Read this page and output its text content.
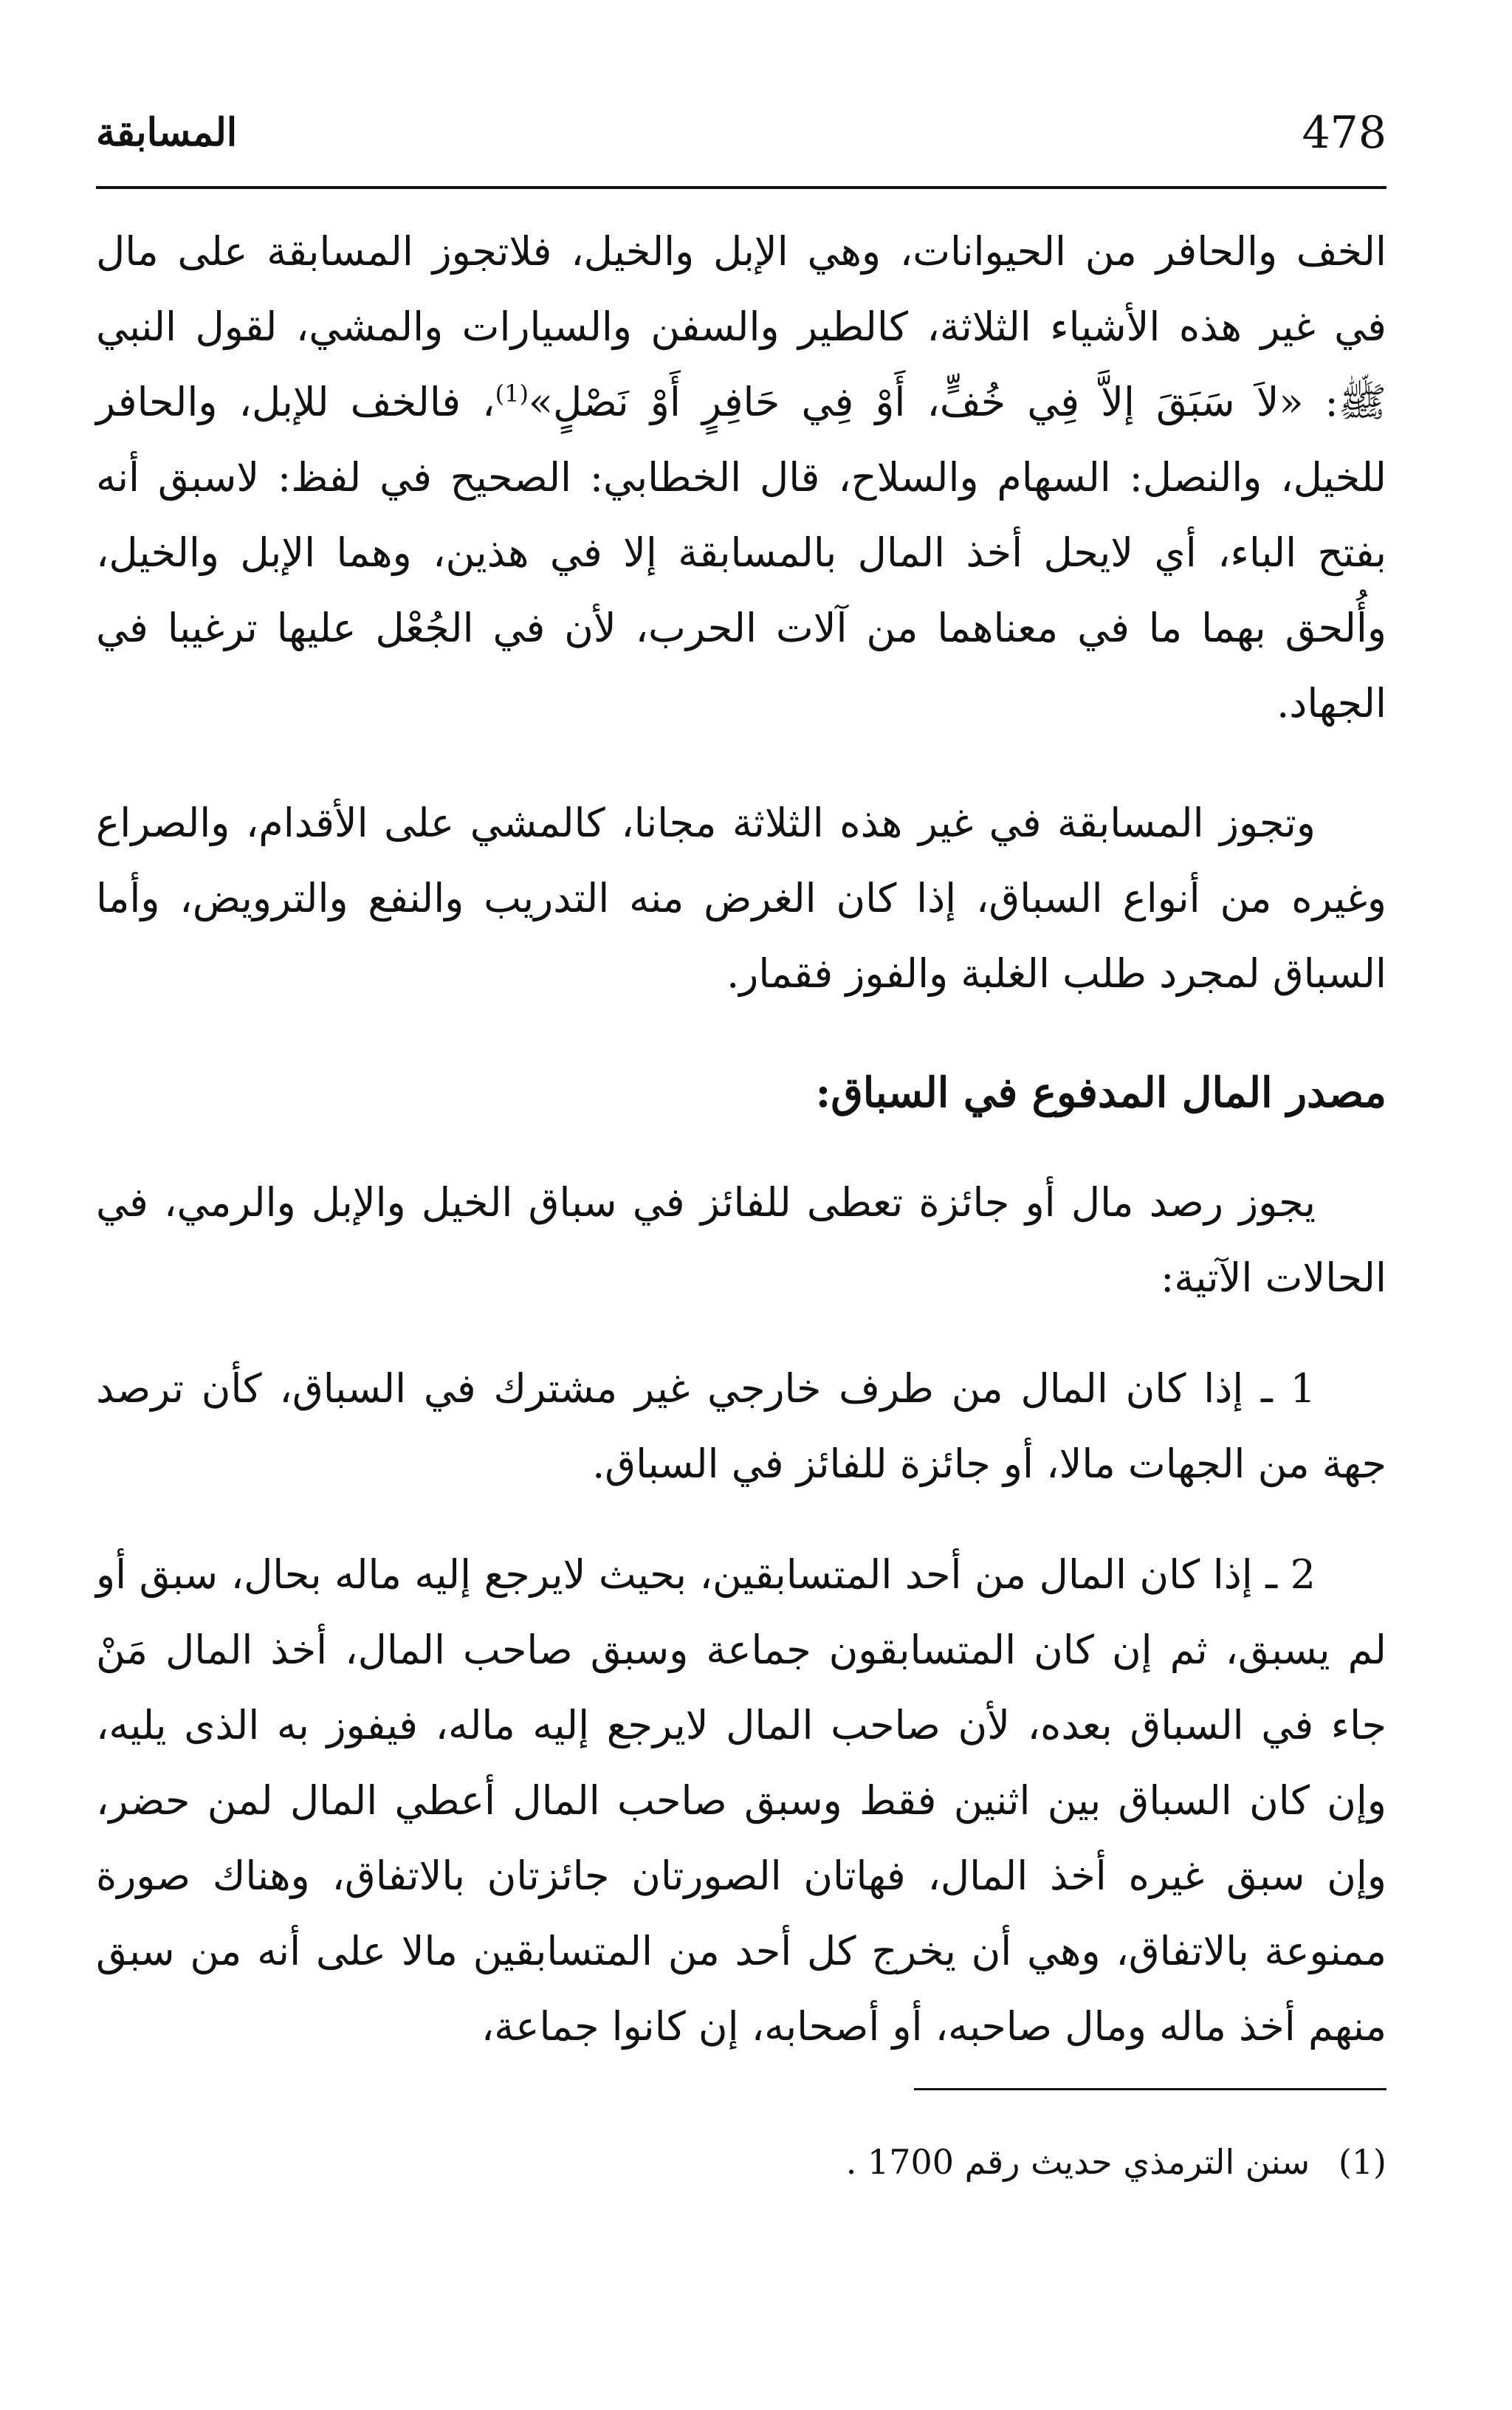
478
المسابقة

الخف والحافر من الحيوانات، وهي الإبل والخيل، فلاتجوز المسابقة على مال في غير هذه الأشياء الثلاثة، كالطير والسفن والسيارات والمشي، لقول النبي ﷺ: «لاَ سَبَقَ إلاَّ فِي خُفٍّ، أَوْ فِي حَافِرٍ أَوْ نَصْلٍ»$^{(1)}$، فالخف للإبل، والحافر للخيل، والنصل: السهام والسلاح، قال الخطابي: الصحيح في لفظ: لاسبق أنه بفتح الباء، أي لايحل أخذ المال بالمسابقة إلا في هذين، وهما الإبل والخيل، وأُلحق بهما ما في معناهما من آلات الحرب، لأن في الجُعْل عليها ترغيبا في الجهاد.

وتجوز المسابقة في غير هذه الثلاثة مجانا، كالمشي على الأقدام، والصراع وغيره من أنواع السباق، إذا كان الغرض منه التدريب والنفع والترويض، وأما السباق لمجرد طلب الغلبة والفوز فقمار.

مصدر المال المدفوع في السباق:

يجوز رصد مال أو جائزة تعطى للفائز في سباق الخيل والإبل والرمي، في الحالات الآتية:

1 ـ إذا كان المال من طرف خارجي غير مشترك في السباق، كأن ترصد جهة من الجهات مالا، أو جائزة للفائز في السباق.

2 ـ إذا كان المال من أحد المتسابقين، بحيث لايرجع إليه ماله بحال، سبق أو لم يسبق، ثم إن كان المتسابقون جماعة وسبق صاحب المال، أخذ المال مَنْ جاء في السباق بعده، لأن صاحب المال لايرجع إليه ماله، فيفوز به الذى يليه، وإن كان السباق بين اثنين فقط وسبق صاحب المال أعطي المال لمن حضر، وإن سبق غيره أخذ المال، فهاتان الصورتان جائزتان بالاتفاق، وهناك صورة ممنوعة بالاتفاق، وهي أن يخرج كل أحد من المتسابقين مالا على أنه من سبق منهم أخذ ماله ومال صاحبه، أو أصحابه، إن كانوا جماعة،

(1) سنن الترمذي حديث رقم 1700 .
